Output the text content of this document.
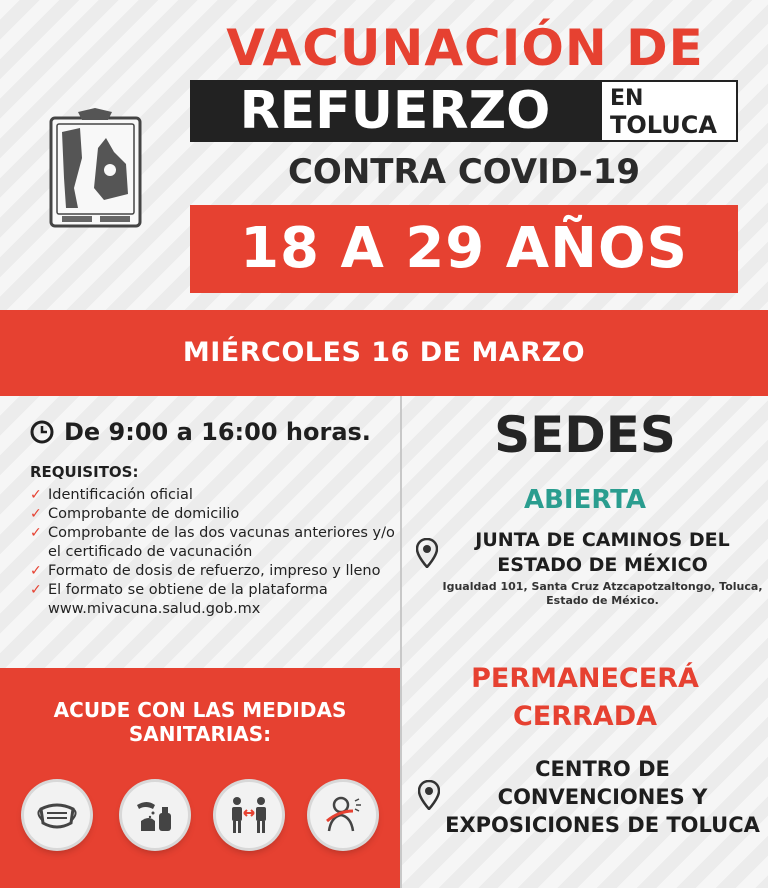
VACUNACIÓN DE
REFUERZO	EN
TOLUCA
CONTRA COVID-19
18 A 29 AÑOS
MIÉRCOLES 16 DE MARZO
De 9:00 a 16:00 horas.
REQUISITOS:
✓ Identificación oficial
✓ Comprobante de domicilio
✓ Comprobante de las dos vacunas anteriores y/o el certificado de vacunación
✓ Formato de dosis de refuerzo, impreso y lleno
✓ El formato se obtiene de la plataforma www.mivacuna.salud.gob.mx
ACUDE CON LAS MEDIDAS SANITARIAS:
SEDES
ABIERTA
JUNTA DE CAMINOS DEL ESTADO DE MÉXICO
Igualdad 101, Santa Cruz Atzcapotzaltongo, Toluca, Estado de México.
PERMANECERÁ CERRADA
CENTRO DE CONVENCIONES Y EXPOSICIONES DE TOLUCA
